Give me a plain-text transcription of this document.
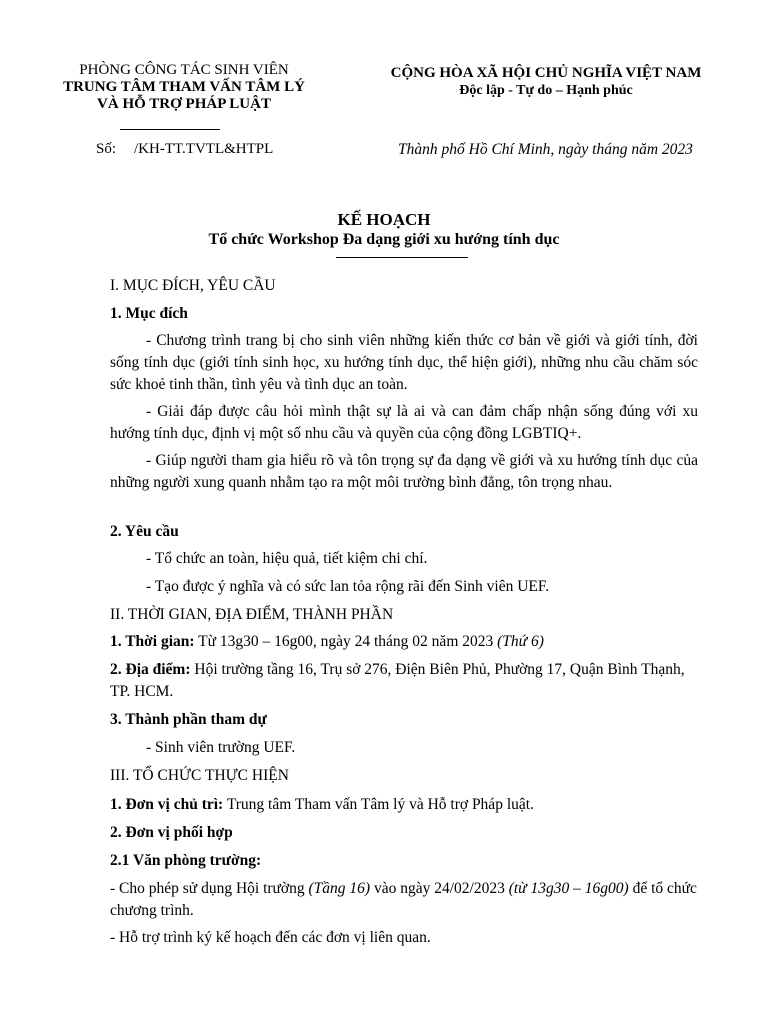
PHÒNG CÔNG TÁC SINH VIÊN
TRUNG TÂM THAM VẤN TÂM LÝ
VÀ HỖ TRỢ PHÁP LUẬT
CỘNG HÒA XÃ HỘI CHỦ NGHĨA VIỆT NAM
Độc lập - Tự do – Hạnh phúc
Số: /KH-TT.TVTL&HTPL	Thành phố Hồ Chí Minh, ngày tháng năm 2023
KẾ HOẠCH
Tổ chức Workshop Đa dạng giới xu hướng tính dục
I. MỤC ĐÍCH, YÊU CẦU
1. Mục đích
- Chương trình trang bị cho sinh viên những kiến thức cơ bản về giới và giới tính, đời sống tính dục (giới tính sinh học, xu hướng tính dục, thể hiện giới), những nhu cầu chăm sóc sức khoẻ tinh thần, tình yêu và tình dục an toàn.
- Giải đáp được câu hỏi mình thật sự là ai và can đảm chấp nhận sống đúng với xu hướng tính dục, định vị một số nhu cầu và quyền của cộng đồng LGBTIQ+.
- Giúp người tham gia hiểu rõ và tôn trọng sự đa dạng về giới và xu hướng tính dục của những người xung quanh nhằm tạo ra một môi trường bình đẳng, tôn trọng nhau.
2. Yêu cầu
- Tổ chức an toàn, hiệu quả, tiết kiệm chi chí.
- Tạo được ý nghĩa và có sức lan tỏa rộng rãi đến Sinh viên UEF.
II. THỜI GIAN, ĐỊA ĐIỂM, THÀNH PHẦN
1. Thời gian: Từ 13g30 – 16g00, ngày 24 tháng 02 năm 2023 (Thứ 6)
2. Địa điểm: Hội trường tầng 16, Trụ sở 276, Điện Biên Phủ, Phường 17, Quận Bình Thạnh, TP. HCM.
3. Thành phần tham dự
- Sinh viên trường UEF.
III. TỔ CHỨC THỰC HIỆN
1. Đơn vị chủ trì: Trung tâm Tham vấn Tâm lý và Hỗ trợ Pháp luật.
2. Đơn vị phối hợp
2.1 Văn phòng trường:
- Cho phép sử dụng Hội trường (Tầng 16) vào ngày 24/02/2023 (từ 13g30 – 16g00) để tổ chức chương trình.
- Hỗ trợ trình ký kế hoạch đến các đơn vị liên quan.
